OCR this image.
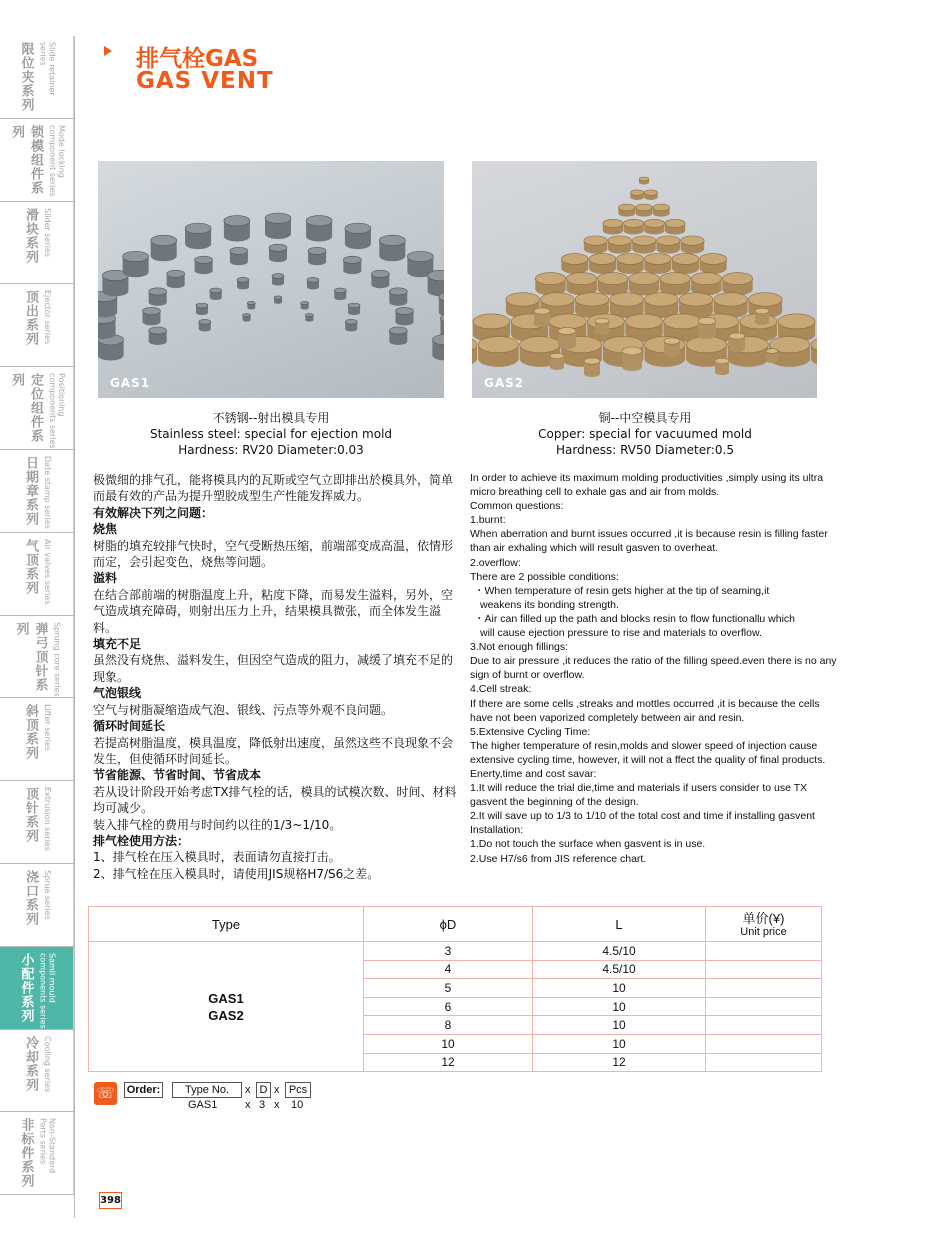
限位夹系列	Slide retainer series
锁模组件系列	Mode locking component series
滑块系列 Slider series
顶出系列 Ejector series
定位组件系列	Positioning components series
日期章系列 Date stamp series
气顶系列 Air valves series
弹弓顶针系列	Sprung core series
斜顶系列 Lifter series
顶针系列 Extrusion series
浇口系列 Sprue series
小配件系列	Samll mould components series
冷却系列 Cooling series
非标件系列	Non-Standard Parts series
排气栓GAS
GAS VENT
GAS1	GAS2
不锈钢--射出模具专用
Stainless steel: special for ejection mold
Hardness: RV20 Diameter:0.03
铜--中空模具专用
Copper: special for vacuumed mold
Hardness: RV50 Diameter:0.5
极微细的排气孔，能将模具内的瓦斯或空气立即排出於模具外，简单而最有效的产品为提升塑胶成型生产性能发挥威力。
有效解决下列之问题：
烧焦
树脂的填充较排气快时，空气受断热压缩，前端部变成高温，依情形而定，会引起变色，烧焦等问题。
溢料
在结合部前端的树脂温度上升，粘度下降，而易发生溢料，另外，空气造成填充障碍，则射出压力上升，结果模具微张，而全体发生溢料。
填充不足
虽然没有烧焦、溢料发生，但因空气造成的阻力，减缓了填充不足的现象。
气泡银线
空气与树脂凝缩造成气泡、银线、污点等外观不良问题。
循环时间延长
若提高树脂温度，模具温度，降低射出速度，虽然这些不良现象不会发生，但使循环时间延长。
节省能源、节省时间、节省成本
若从设计阶段开始考虑TX排气栓的话，模具的试模次数、时间、材料均可减少。
装入排气栓的费用与时间约以往的1/3~1/10。
排气栓使用方法：
1、排气栓在压入模具时，表面请勿直接打击。
2、排气栓在压入模具时，请使用JIS规格H7/S6之差。
In order to achieve its maximum molding productivities ,simply using its ultra micro breathing cell to exhale gas and air from molds.
Common questions:
1.burnt:
When aberration and burnt issues occurred ,it is because resin is filling faster than air exhaling which will result gasven to overheat.
2.overflow:
There are 2 possible conditions:
・When temperature of resin gets higher at the tip of seaming,it
weakens its bonding strength.
・Air can filled up the path and blocks resin to flow functionallu which
will cause ejection pressure to rise and materials to overflow.
3.Not enough fillings:
Due to air pressure ,it reduces the ratio of the filling speed.even there is no any sign of burnt or overflow.
4.Cell streak:
If there are some cells ,streaks and mottles occurred ,it is because the cells have not been vaporized completely between air and resin.
5.Extensive Cycling Time:
The higher temperature of resin,molds and slower speed of injection cause extensive cycling time, however, it will not a ffect the quality of final products.
Enerty,time and cost savar:
1.It will reduce the trial die,time and materials if users consider to use TX gasvent the beginning of the design.
2.It will save up to 1/3 to 1/10 of the total cost and time if installing gasvent
Installation:
1.Do not touch the surface when gasvent is in use.
2.Use H7/s6 from JIS reference chart.
Type	ϕD	L	单价(¥)
Unit price

GAS1
GAS2	3	4.5/10	
	4	4.5/10	
	5	10	
	6	10	
	8	10	
	10	10	
	12	12	
☏ Order:	Type No.	x D x Pcs
GAS1	x 3 x 10
398
